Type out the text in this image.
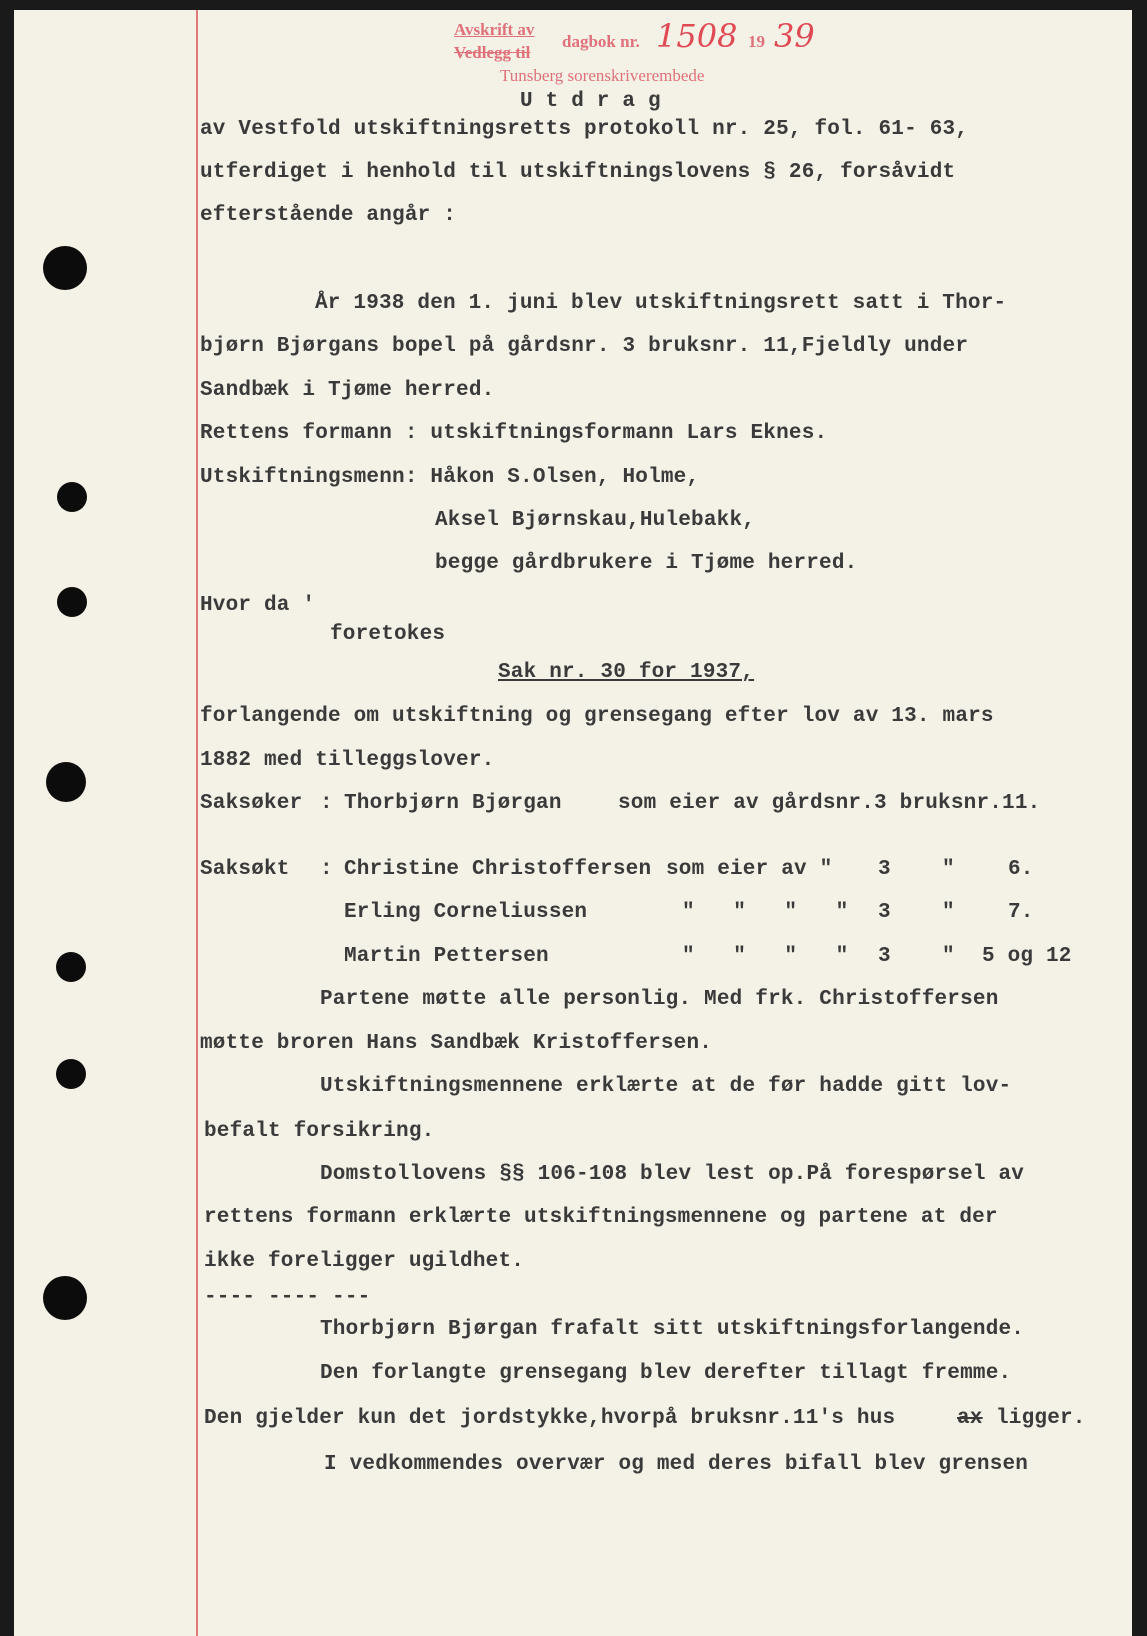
Avskrift av
Vedlegg til
dagbok nr. 1508 19 39
Tunsberg sorenskriverembede
U t d r a g
av Vestfold utskiftningsretts protokoll nr. 25, fol. 61- 63,
utferdiget i henhold til utskiftningslovens § 26, forsåvidt
efterstående angår :
År 1938 den 1. juni blev utskiftningsrett satt i Thor-
bjørn Bjørgans bopel på gårdsnr. 3 bruksnr. 11,Fjeldly under
Sandbæk i Tjøme herred.
Rettens formann : utskiftningsformann Lars Eknes.
Utskiftningsmenn: Håkon S.Olsen, Holme,
Aksel Bjørnskau,Hulebakk,
begge gårdbrukere i Tjøme herred.
Hvor da '
foretokes
Sak nr. 30 for 1937,
forlangende om utskiftning og grensegang efter lov av 13. mars
1882 med tilleggslover.
Saksøker : Thorbjørn Bjørgan	som eier av gårdsnr.3 bruksnr.11.
Saksøkt : Christine Christoffersen som eier av " 3 "	6.
Erling Corneliussen	"   "   "   " 3 "	7.
Martin Pettersen	"   "   "   " 3 " 5 og 12
Partene møtte alle personlig. Med frk. Christoffersen
møtte broren Hans Sandbæk Kristoffersen.
Utskiftningsmennene erklærte at de før hadde gitt lov-
befalt forsikring.
Domstollovens §§ 106-108 blev lest op.På forespørsel av
rettens formann erklærte utskiftningsmennene og partene at der
ikke foreligger ugildhet.
---- ---- ---
Thorbjørn Bjørgan frafalt sitt utskiftningsforlangende.
Den forlangte grensegang blev derefter tillagt fremme.
Den gjelder kun det jordstykke,hvorpå bruksnr.11's hus	ax ligger.
I vedkommendes overvær og med deres bifall blev grensen
